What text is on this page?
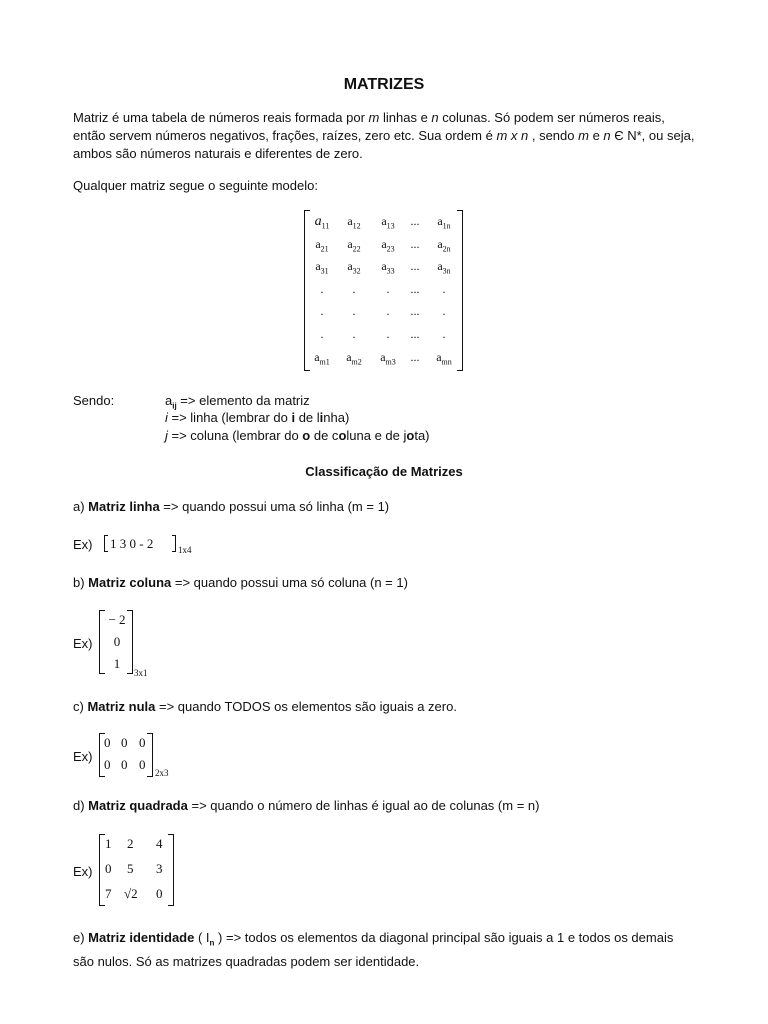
MATRIZES
Matriz é uma tabela de números reais formada por m linhas e n colunas. Só podem ser números reais, então servem números negativos, frações, raízes, zero etc. Sua ordem é m x n , sendo m e n Є N*, ou seja, ambos são números naturais e diferentes de zero.
Qualquer matriz segue o seguinte modelo:
$a_{11}$	$a_{12}$	$a_{13}$	...	$a_{1n}$
$a_{21}$	$a_{22}$	$a_{23}$	...	$a_{2n}$
$a_{31}$	$a_{32}$	$a_{33}$	...	$a_{3n}$
.	.	.	...	.
.	.	.	...	.
.	.	.	...	.
$a_{m1}$	$a_{m2}$	$a_{m3}$	...	$a_{mn}$
Sendo:	$a_{ij}$ => elemento da matriz
i => linha (lembrar do i de linha)
j => coluna (lembrar do o de coluna e de jota)
Classificação de Matrizes
a) Matriz linha => quando possui uma só linha (m = 1)
Ex) 1 3 0 - 2	1x4
b) Matriz coluna => quando possui uma só coluna (n = 1)
Ex)
− 2
0
1
3x1
c) Matriz nula => quando TODOS os elementos são iguais a zero.
Ex)
0 0 0
0 0 0
2x3
d) Matriz quadrada => quando o número de linhas é igual ao de colunas (m = n)
Ex)
1 2 4
0 5 3
7 √2 0
e) Matriz identidade ( $I_n$ ) => todos os elementos da diagonal principal são iguais a 1 e todos os demais são nulos. Só as matrizes quadradas podem ser identidade.
